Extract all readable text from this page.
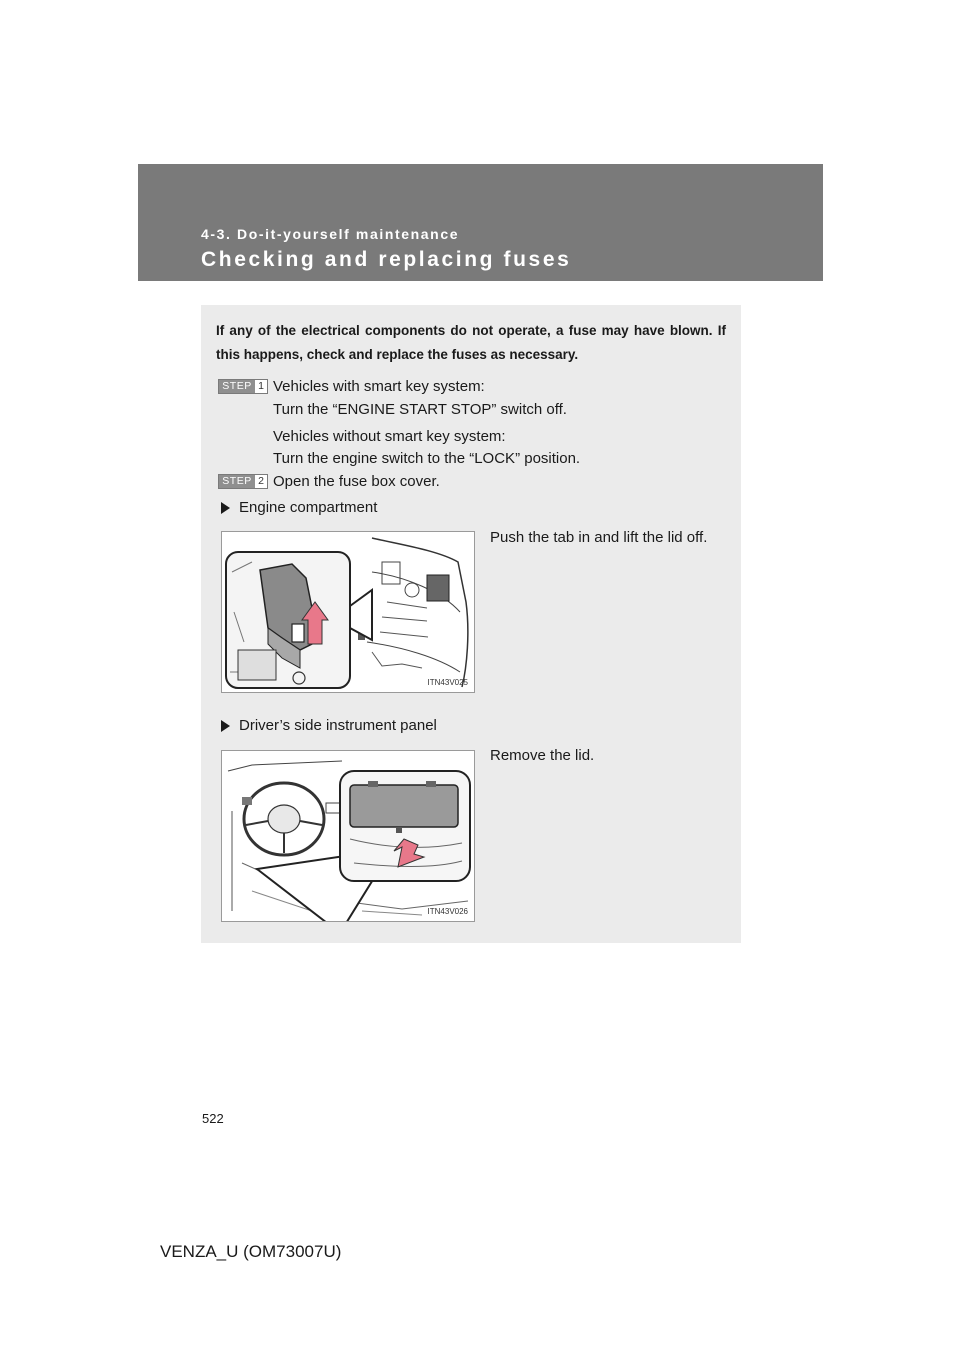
4-3. Do-it-yourself maintenance
Checking and replacing fuses
If any of the electrical components do not operate, a fuse may have blown. If this happens, check and replace the fuses as necessary.
STEP 1 Vehicles with smart key system:
Turn the “ENGINE START STOP” switch off.
Vehicles without smart key system:
Turn the engine switch to the “LOCK” position.
STEP 2 Open the fuse box cover.
Engine compartment
ITN43V025
Push the tab in and lift the lid off.
Driver’s side instrument panel
ITN43V026
Remove the lid.
522
VENZA_U (OM73007U)
